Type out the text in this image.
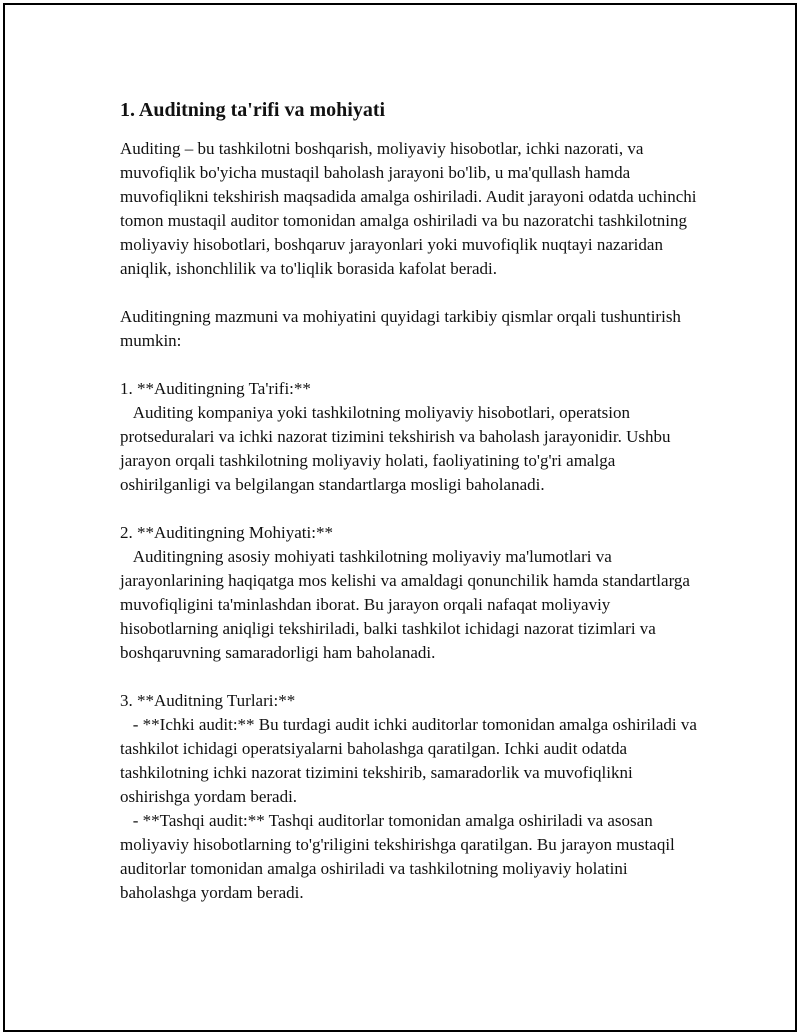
1. Auditning ta'rifi va mohiyati

Auditing – bu tashkilotni boshqarish, moliyaviy hisobotlar, ichki nazorati, va muvofiqlik bo'yicha mustaqil baholash jarayoni bo'lib, u ma'qullash hamda muvofiqlikni tekshirish maqsadida amalga oshiriladi. Audit jarayoni odatda uchinchi tomon mustaqil auditor tomonidan amalga oshiriladi va bu nazoratchi tashkilotning moliyaviy hisobotlari, boshqaruv jarayonlari yoki muvofiqlik nuqtayi nazaridan aniqlik, ishonchlilik va to'liqlik borasida kafolat beradi.

Auditingning mazmuni va mohiyatini quyidagi tarkibiy qismlar orqali tushuntirish mumkin:

1. **Auditingning Ta'rifi:**
Auditing kompaniya yoki tashkilotning moliyaviy hisobotlari, operatsion protseduralari va ichki nazorat tizimini tekshirish va baholash jarayonidir. Ushbu jarayon orqali tashkilotning moliyaviy holati, faoliyatining to'g'ri amalga oshirilganligi va belgilangan standartlarga mosligi baholanadi.

2. **Auditingning Mohiyati:**
Auditingning asosiy mohiyati tashkilotning moliyaviy ma'lumotlari va jarayonlarining haqiqatga mos kelishi va amaldagi qonunchilik hamda standartlarga muvofiqligini ta'minlashdan iborat. Bu jarayon orqali nafaqat moliyaviy hisobotlarning aniqligi tekshiriladi, balki tashkilot ichidagi nazorat tizimlari va boshqaruvning samaradorligi ham baholanadi.

3. **Auditning Turlari:**
- **Ichki audit:** Bu turdagi audit ichki auditorlar tomonidan amalga oshiriladi va tashkilot ichidagi operatsiyalarni baholashga qaratilgan. Ichki audit odatda tashkilotning ichki nazorat tizimini tekshirib, samaradorlik va muvofiqlikni oshirishga yordam beradi.
- **Tashqi audit:** Tashqi auditorlar tomonidan amalga oshiriladi va asosan moliyaviy hisobotlarning to'g'riligini tekshirishga qaratilgan. Bu jarayon mustaqil auditorlar tomonidan amalga oshiriladi va tashkilotning moliyaviy holatini baholashga yordam beradi.
